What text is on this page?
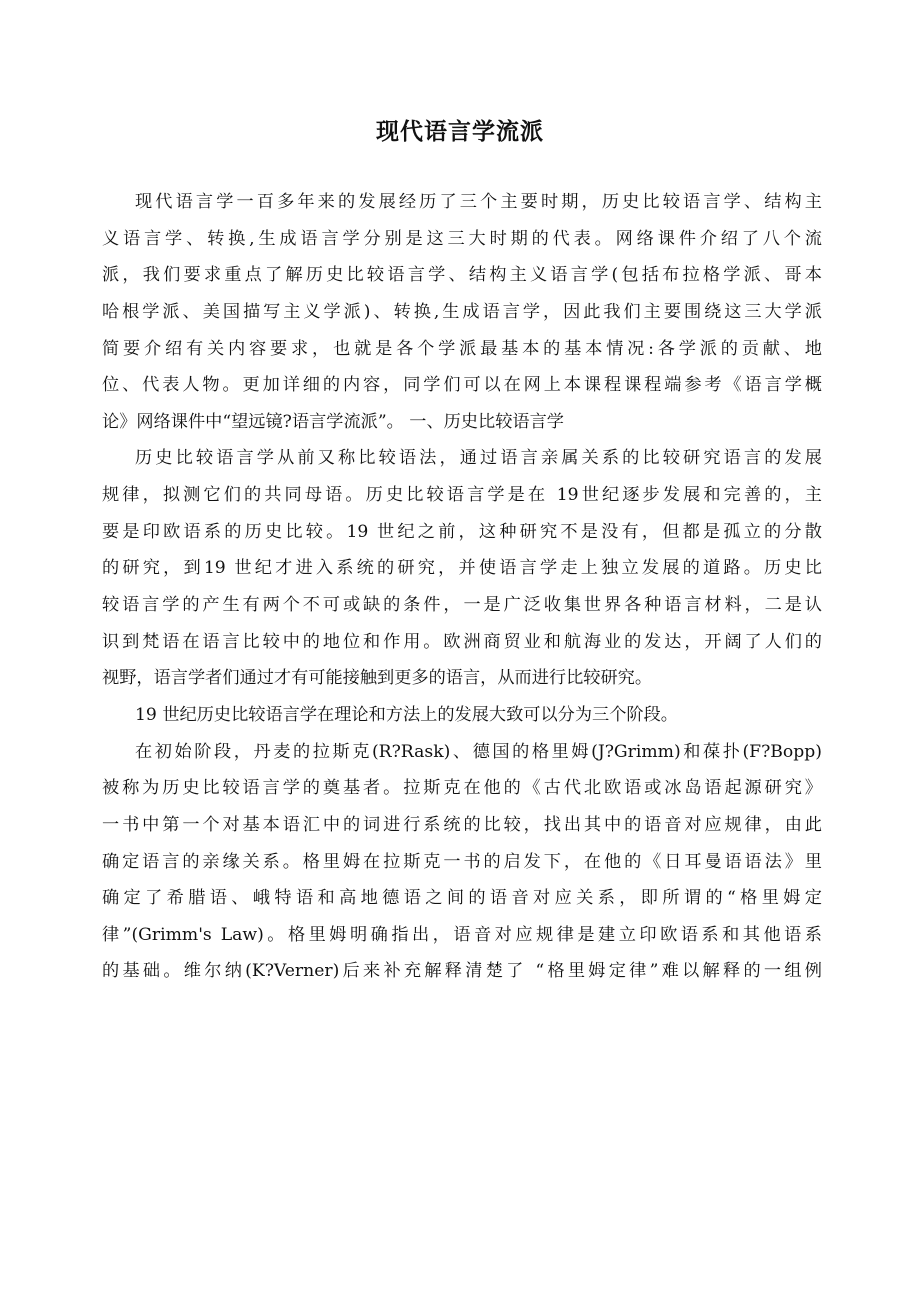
现代语言学流派
现代语言学一百多年来的发展经历了三个主要时期，历史比较语言学、结构主
义语言学、转换,生成语言学分别是这三大时期的代表。网络课件介绍了八个流
派，我们要求重点了解历史比较语言学、结构主义语言学(包括布拉格学派、哥本
哈根学派、美国描写主义学派)、转换,生成语言学，因此我们主要围绕这三大学派
简要介绍有关内容要求，也就是各个学派最基本的基本情况:各学派的贡献、地
位、代表人物。更加详细的内容，同学们可以在网上本课程课程端参考《语言学概
论》网络课件中“望远镜?语言学流派”。 一、历史比较语言学
历史比较语言学从前又称比较语法，通过语言亲属关系的比较研究语言的发展
规律，拟测它们的共同母语。历史比较语言学是在 19世纪逐步发展和完善的，主
要是印欧语系的历史比较。19 世纪之前，这种研究不是没有，但都是孤立的分散
的研究，到19 世纪才进入系统的研究，并使语言学走上独立发展的道路。历史比
较语言学的产生有两个不可或缺的条件，一是广泛收集世界各种语言材料，二是认
识到梵语在语言比较中的地位和作用。欧洲商贸业和航海业的发达，开阔了人们的
视野，语言学者们通过才有可能接触到更多的语言，从而进行比较研究。
19 世纪历史比较语言学在理论和方法上的发展大致可以分为三个阶段。
在初始阶段，丹麦的拉斯克(R?Rask)、德国的格里姆(J?Grimm)和葆扑(F?Bopp)
被称为历史比较语言学的奠基者。拉斯克在他的《古代北欧语或冰岛语起源研究》
一书中第一个对基本语汇中的词进行系统的比较，找出其中的语音对应规律，由此
确定语言的亲缘关系。格里姆在拉斯克一书的启发下，在他的《日耳曼语语法》里
确定了希腊语、峨特语和高地德语之间的语音对应关系，即所谓的“格里姆定
律”(Grimm's Law)。格里姆明确指出，语音对应规律是建立印欧语系和其他语系
的基础。维尔纳(K?Verner)后来补充解释清楚了 “格里姆定律”难以解释的一组例
